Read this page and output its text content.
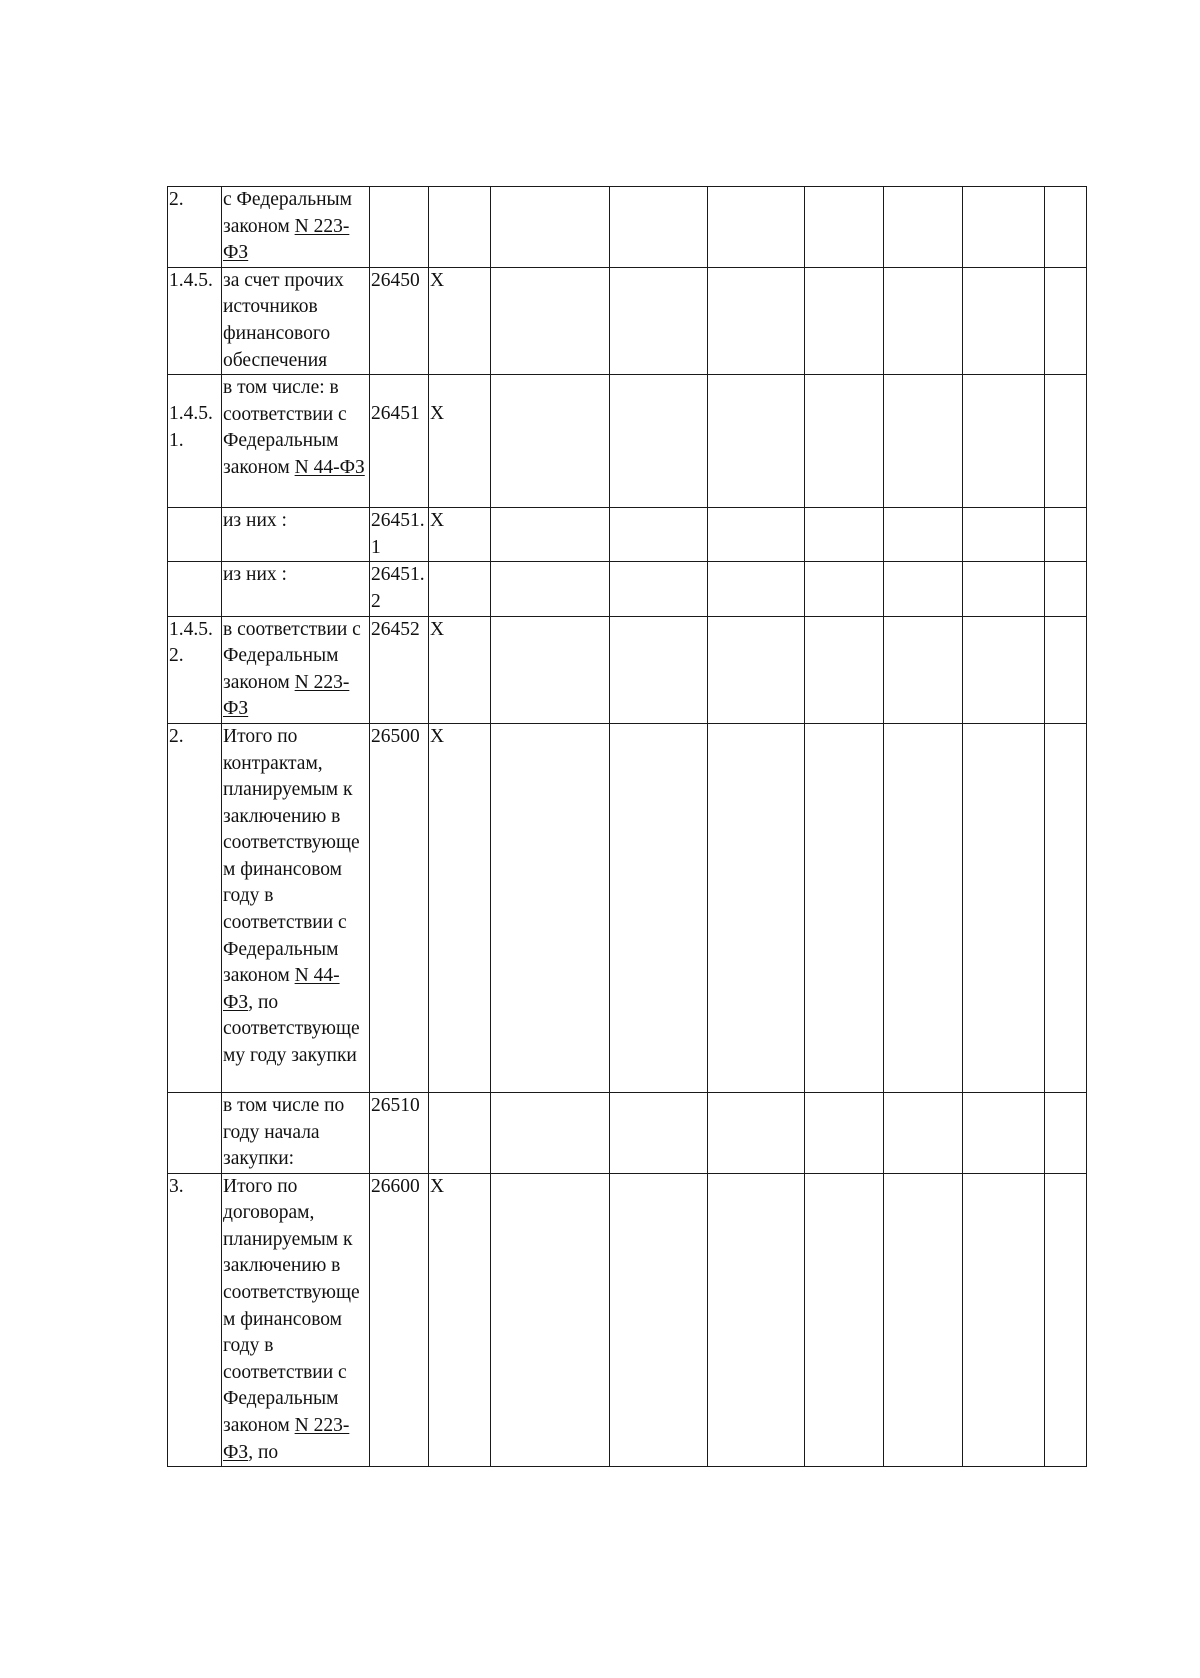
2.	с Федеральным законом N 223-ФЗ									
1.4.5.	за счет прочих источников финансового обеспечения	26450	X							
1.4.5.1.	в том числе: в соответствии с Федеральным законом N 44-ФЗ	26451	X							
	из них :	26451.1	X							
	из них :	26451.2								
1.4.5.2.	в соответствии с Федеральным законом N 223-ФЗ	26452	X							
2.	Итого по контрактам, планируемым к заключению в соответствующем финансовом году в соответствии с Федеральным законом N 44-ФЗ, по соответствующему году закупки	26500	X							
	в том числе по году начала закупки:	26510								
3.	Итого по договорам, планируемым к заключению в соответствующем финансовом году в соответствии с Федеральным законом N 223-ФЗ, по	26600	X							
